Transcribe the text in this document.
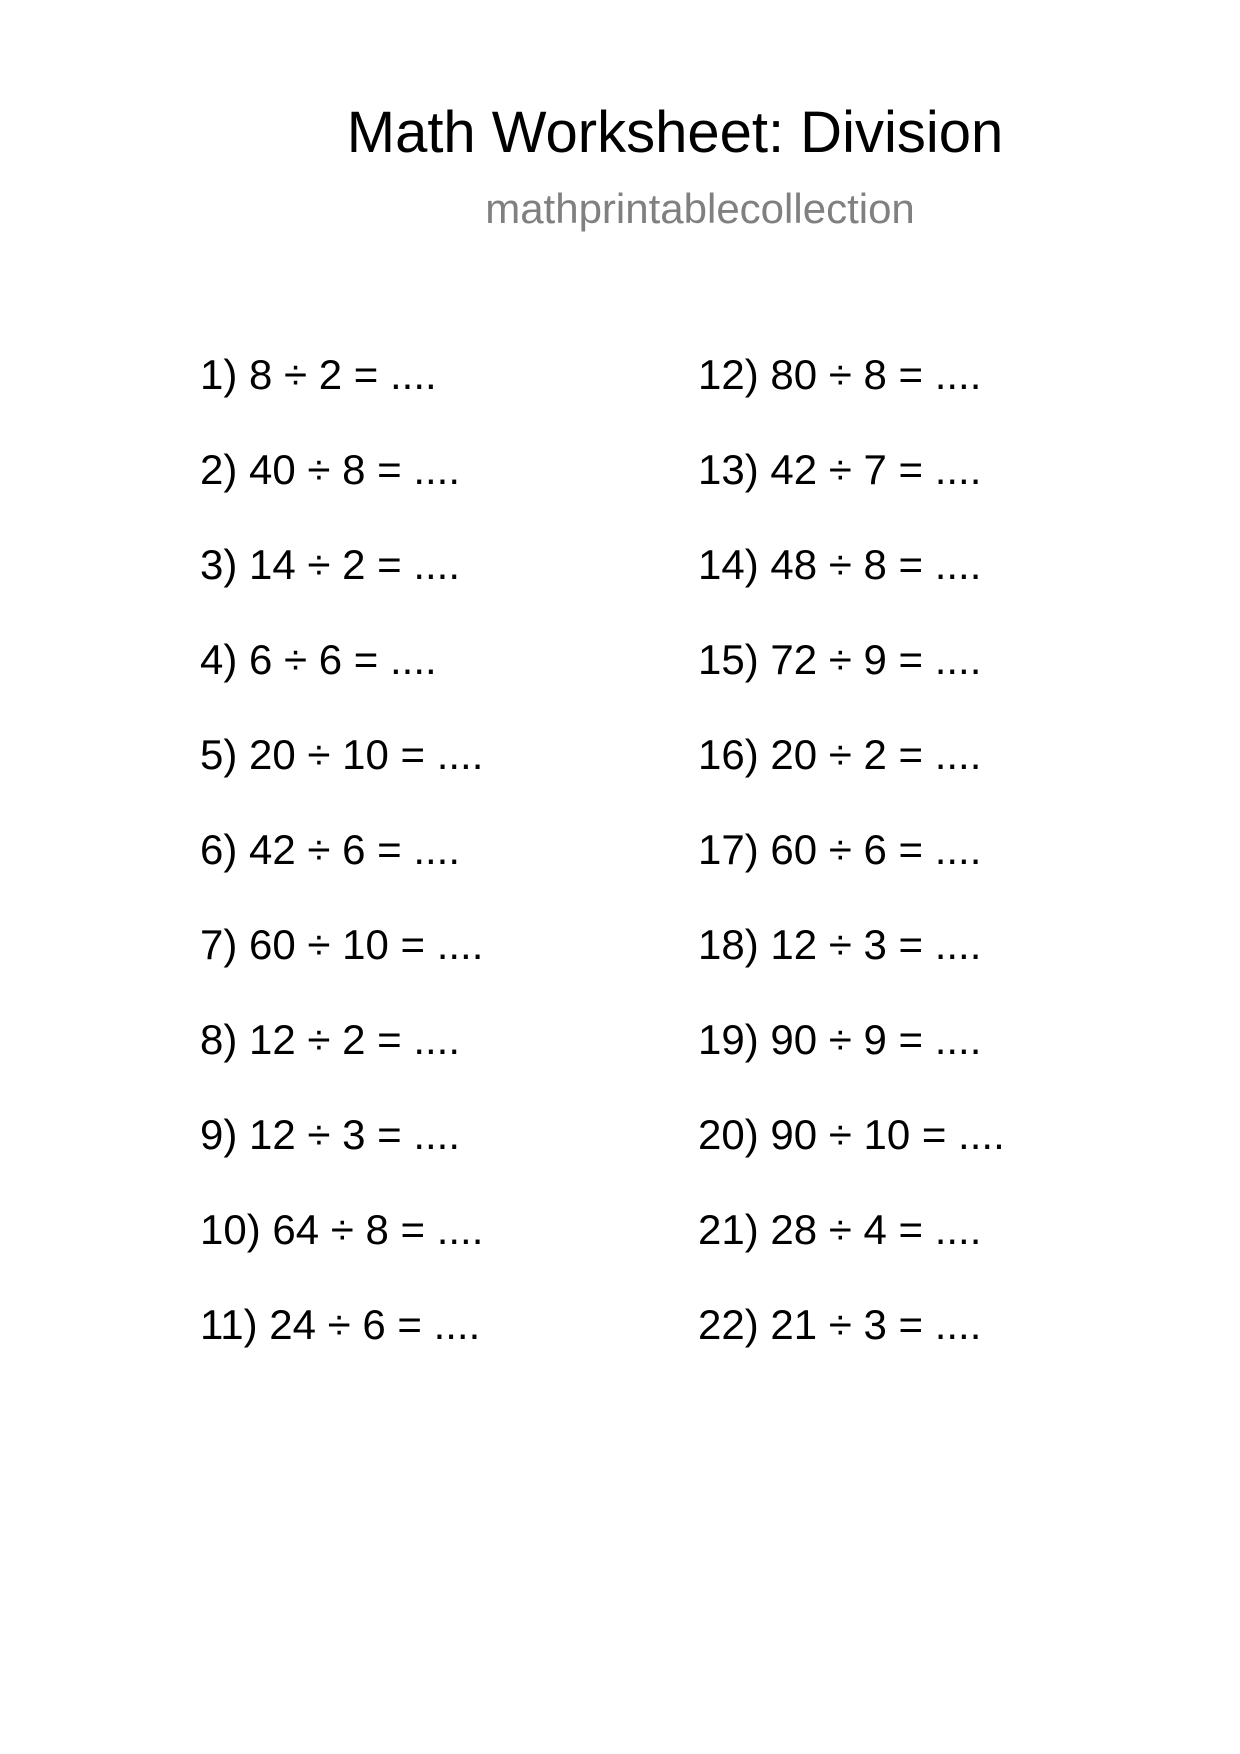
Math Worksheet: Division
mathprintablecollection
1) 8 ÷ 2 = ....
2) 40 ÷ 8 = ....
3) 14 ÷ 2 = ....
4) 6 ÷ 6 = ....
5) 20 ÷ 10 = ....
6) 42 ÷ 6 = ....
7) 60 ÷ 10 = ....
8) 12 ÷ 2 = ....
9) 12 ÷ 3 = ....
10) 64 ÷ 8 = ....
11) 24 ÷ 6 = ....
12) 80 ÷ 8 = ....
13) 42 ÷ 7 = ....
14) 48 ÷ 8 = ....
15) 72 ÷ 9 = ....
16) 20 ÷ 2 = ....
17) 60 ÷ 6 = ....
18) 12 ÷ 3 = ....
19) 90 ÷ 9 = ....
20) 90 ÷ 10 = ....
21) 28 ÷ 4 = ....
22) 21 ÷ 3 = ....
